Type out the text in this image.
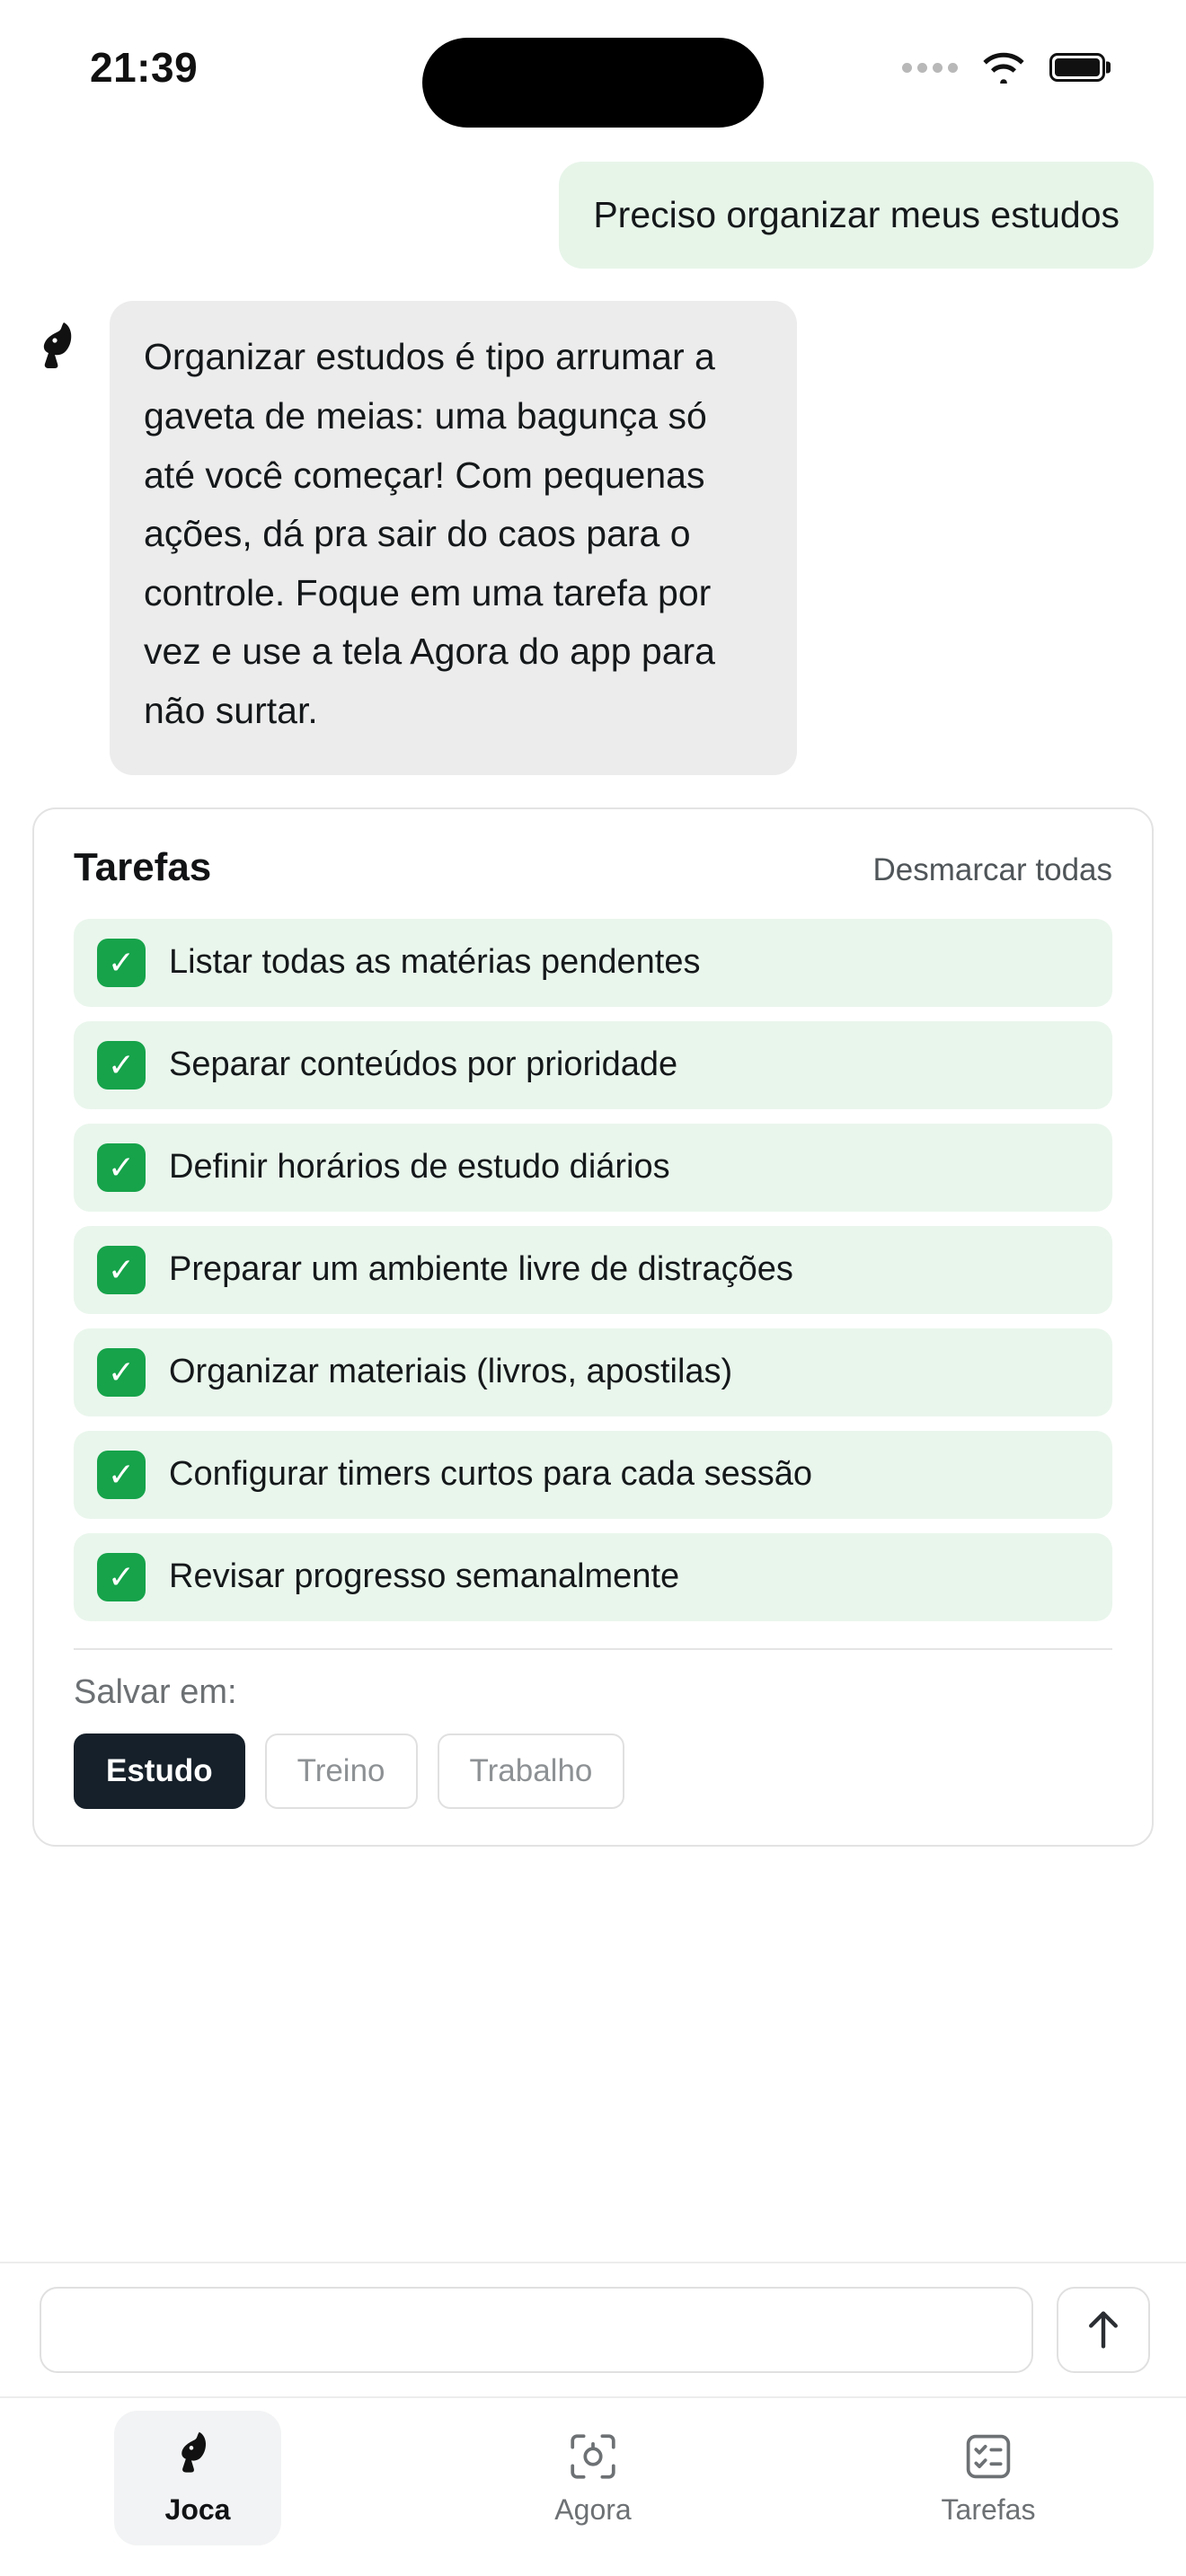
21:39
Preciso organizar meus estudos
Organizar estudos é tipo arrumar a gaveta de meias: uma bagunça só até você começar! Com pequenas ações, dá pra sair do caos para o controle. Foque em uma tarefa por vez e use a tela Agora do app para não surtar.
Tarefas	Desmarcar todas
✓ Listar todas as matérias pendentes
✓ Separar conteúdos por prioridade
✓ Definir horários de estudo diários
✓ Preparar um ambiente livre de distrações
✓ Organizar materiais (livros, apostilas)
✓ Configurar timers curtos para cada sessão
✓ Revisar progresso semanalmente
Salvar em:
Estudo	Treino	Trabalho
Joca	Agora	Tarefas
